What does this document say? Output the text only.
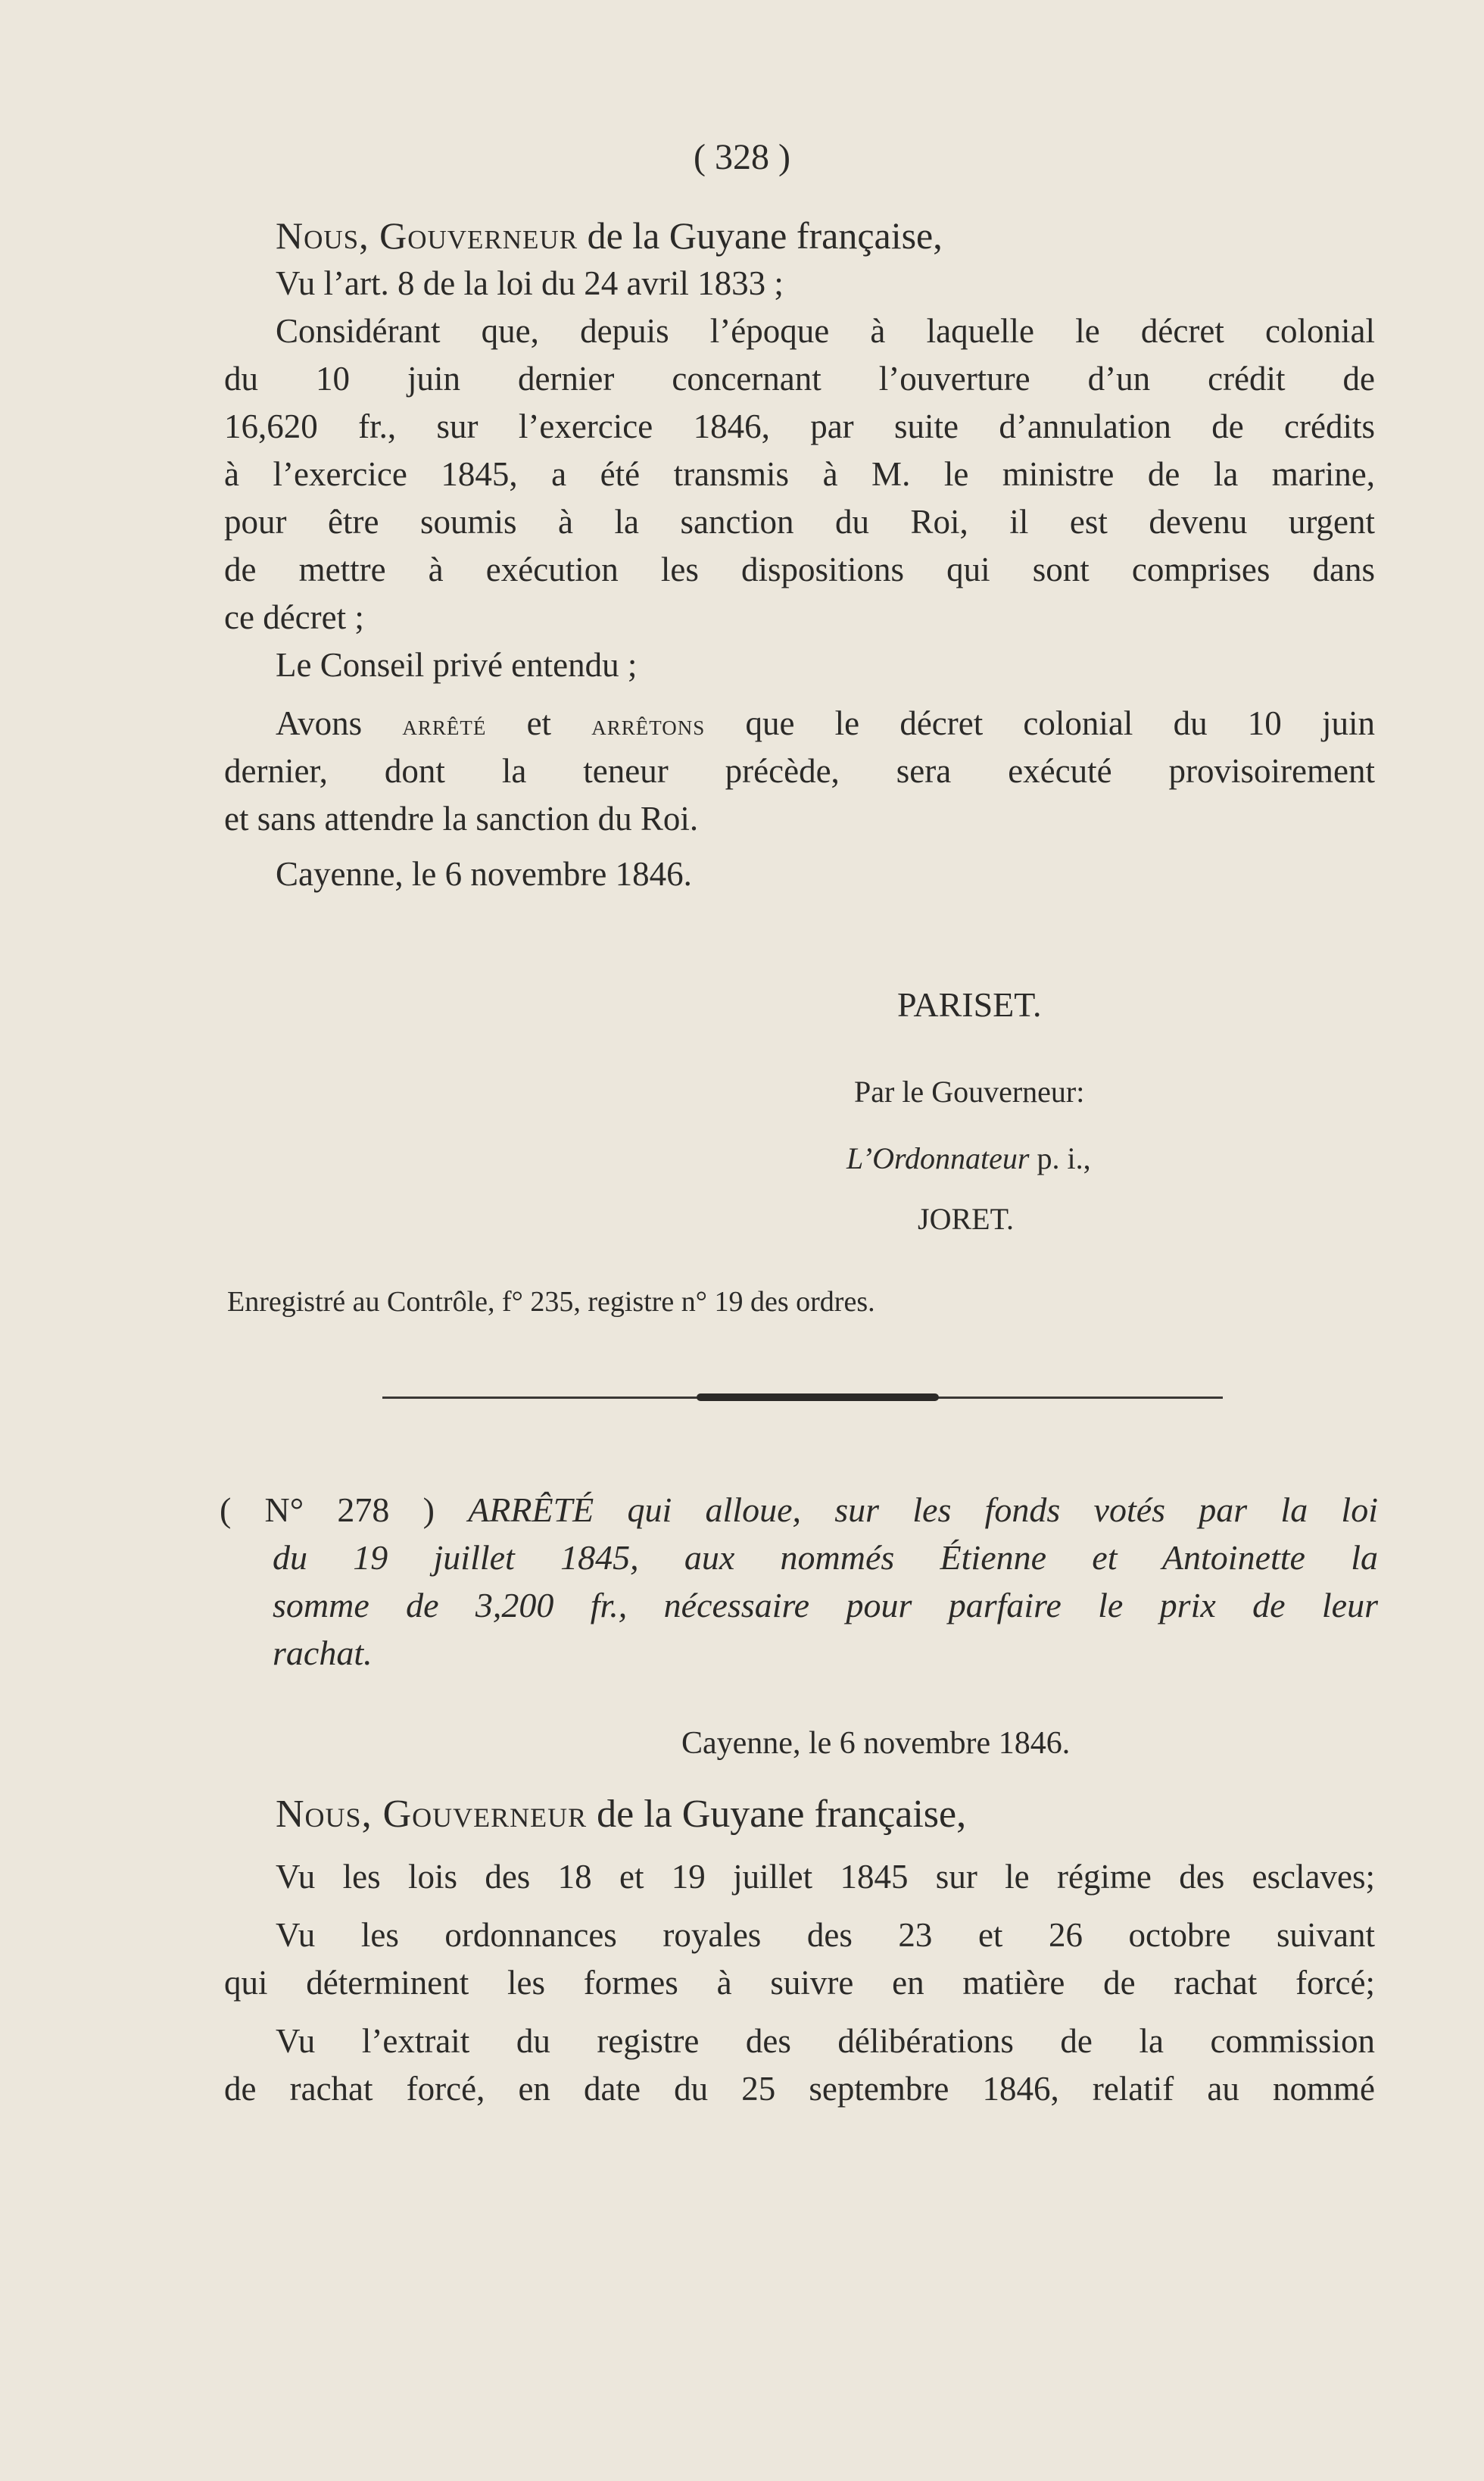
( 328 )
Nous, Gouverneur de la Guyane française,
Vu l’art. 8 de la loi du 24 avril 1833 ;
Considérant que, depuis l’époque à laquelle le décret colonial
du 10 juin dernier concernant l’ouverture d’un crédit de
16,620 fr., sur l’exercice 1846, par suite d’annulation de crédits
à l’exercice 1845, a été transmis à M. le ministre de la marine,
pour être soumis à la sanction du Roi, il est devenu urgent
de mettre à exécution les dispositions qui sont comprises dans
ce décret ;
Le Conseil privé entendu ;
Avons arrêté et arrêtons que le décret colonial du 10 juin
dernier, dont la teneur précède, sera exécuté provisoirement
et sans attendre la sanction du Roi.
Cayenne, le 6 novembre 1846.
PARISET.
Par le Gouverneur:
L’Ordonnateur p. i.,
JORET.
Enregistré au Contrôle, f° 235, registre n° 19 des ordres.
( N° 278 ) ARRÊTÉ qui alloue, sur les fonds votés par la loi
du 19 juillet 1845, aux nommés Étienne et Antoinette la
somme de 3,200 fr., nécessaire pour parfaire le prix de leur
rachat.
Cayenne, le 6 novembre 1846.
Nous, Gouverneur de la Guyane française,
Vu les lois des 18 et 19 juillet 1845 sur le régime des esclaves;
Vu les ordonnances royales des 23 et 26 octobre suivant
qui déterminent les formes à suivre en matière de rachat forcé;
Vu l’extrait du registre des délibérations de la commission
de rachat forcé, en date du 25 septembre 1846, relatif au nommé
